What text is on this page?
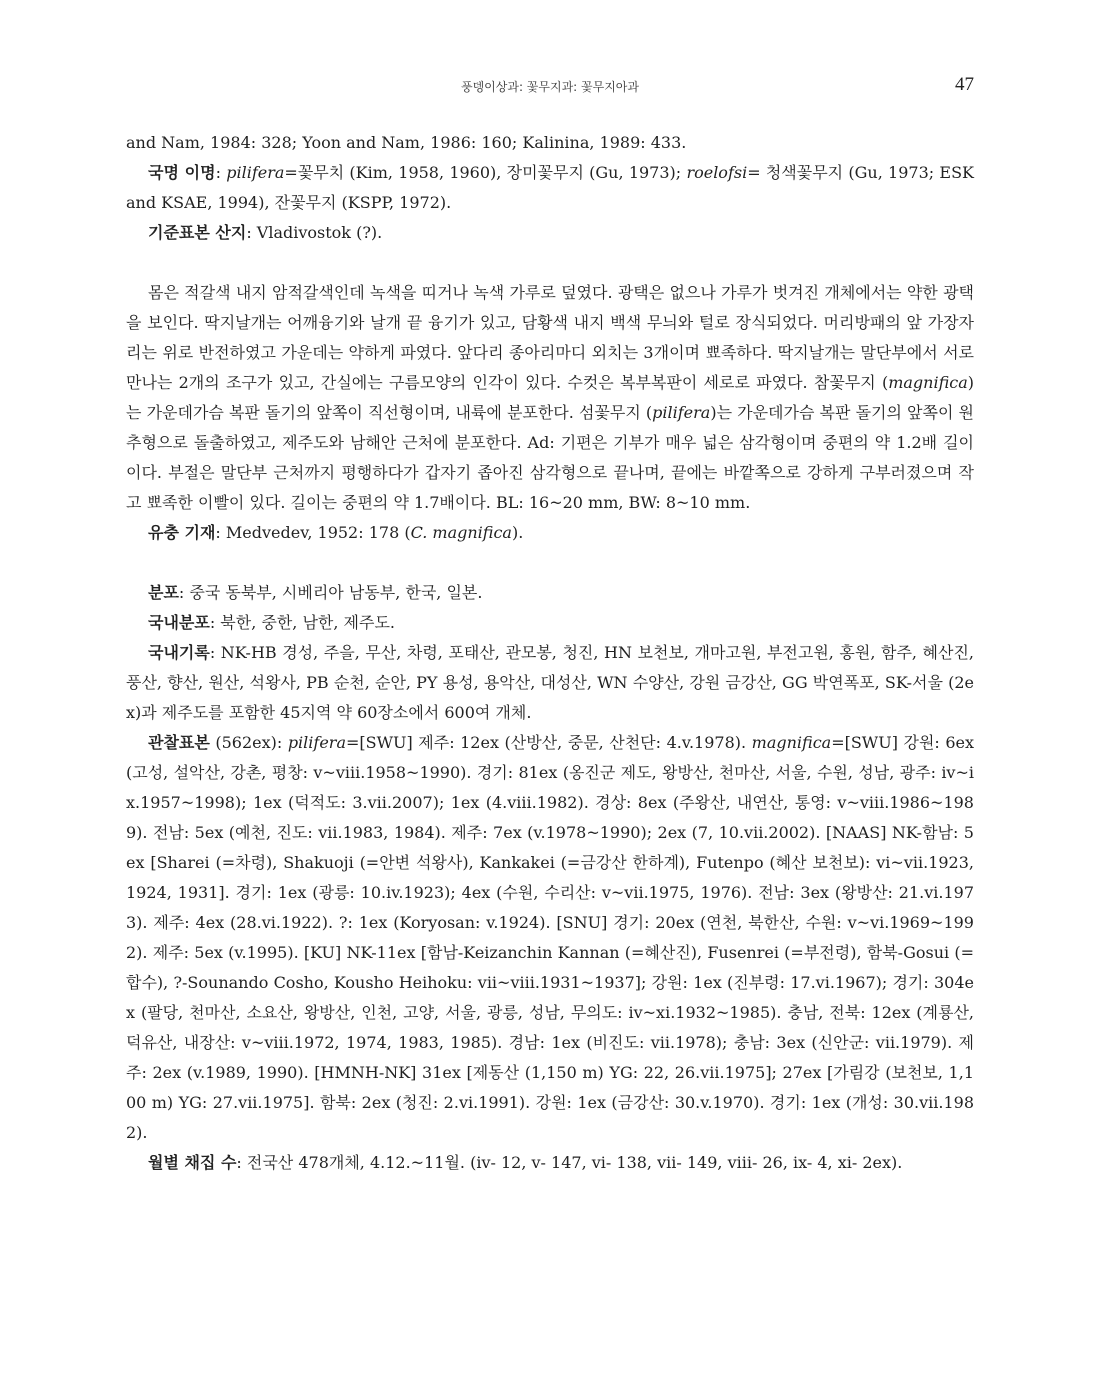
풍뎅이상과: 꽃무지과: 꽃무지아과	47

and Nam, 1984: 328; Yoon and Nam, 1986: 160; Kalinina, 1989: 433.

국명 이명: pilifera=꽃무치 (Kim, 1958, 1960), 장미꽃무지 (Gu, 1973); roelofsi= 청색꽃무지 (Gu, 1973; ESK and KSAE, 1994), 잔꽃무지 (KSPP, 1972).

기준표본 산지: Vladivostok (?).

몸은 적갈색 내지 암적갈색인데 녹색을 띠거나 녹색 가루로 덮였다. 광택은 없으나 가루가 벗겨진 개체에서는 약한 광택을 보인다. 딱지날개는 어깨융기와 날개 끝 융기가 있고, 담황색 내지 백색 무늬와 털로 장식되었다. 머리방패의 앞 가장자리는 위로 반전하였고 가운데는 약하게 파였다. 앞다리 종아리마디 외치는 3개이며 뾰족하다. 딱지날개는 말단부에서 서로 만나는 2개의 조구가 있고, 간실에는 구름모양의 인각이 있다. 수컷은 복부복판이 세로로 파였다. 참꽃무지 (magnifica)는 가운데가슴 복판 돌기의 앞쪽이 직선형이며, 내륙에 분포한다. 섬꽃무지 (pilifera)는 가운데가슴 복판 돌기의 앞쪽이 원추형으로 돌출하였고, 제주도와 남해안 근처에 분포한다. Ad: 기편은 기부가 매우 넓은 삼각형이며 중편의 약 1.2배 길이이다. 부절은 말단부 근처까지 평행하다가 갑자기 좁아진 삼각형으로 끝나며, 끝에는 바깥쪽으로 강하게 구부러졌으며 작고 뾰족한 이빨이 있다. 길이는 중편의 약 1.7배이다. BL: 16~20 mm, BW: 8~10 mm.

유충 기재: Medvedev, 1952: 178 (C. magnifica).

분포: 중국 동북부, 시베리아 남동부, 한국, 일본.

국내분포: 북한, 중한, 남한, 제주도.

국내기록: NK-HB 경성, 주을, 무산, 차령, 포태산, 관모봉, 청진, HN 보천보, 개마고원, 부전고원, 홍원, 함주, 혜산진, 풍산, 향산, 원산, 석왕사, PB 순천, 순안, PY 용성, 용악산, 대성산, WN 수양산, 강원 금강산, GG 박연폭포, SK-서울 (2ex)과 제주도를 포함한 45지역 약 60장소에서 600여 개체.

관찰표본 (562ex): pilifera=[SWU] 제주: 12ex (산방산, 중문, 산천단: 4.v.1978). magnifica=[SWU] 강원: 6ex (고성, 설악산, 강촌, 평창: v~viii.1958~1990). 경기: 81ex (옹진군 제도, 왕방산, 천마산, 서울, 수원, 성남, 광주: iv~ix.1957~1998); 1ex (덕적도: 3.vii.2007); 1ex (4.viii.1982). 경상: 8ex (주왕산, 내연산, 통영: v~viii.1986~1989). 전남: 5ex (예천, 진도: vii.1983, 1984). 제주: 7ex (v.1978~1990); 2ex (7, 10.vii.2002). [NAAS] NK-함남: 5ex [Sharei (=차령), Shakuoji (=안변 석왕사), Kankakei (=금강산 한하계), Futenpo (혜산 보천보): vi~vii.1923, 1924, 1931]. 경기: 1ex (광릉: 10.iv.1923); 4ex (수원, 수리산: v~vii.1975, 1976). 전남: 3ex (왕방산: 21.vi.1973). 제주: 4ex (28.vi.1922). ?: 1ex (Koryosan: v.1924). [SNU] 경기: 20ex (연천, 북한산, 수원: v~vi.1969~1992). 제주: 5ex (v.1995). [KU] NK-11ex [함남-Keizanchin Kannan (=혜산진), Fusenrei (=부전령), 함북-Gosui (=합수), ?-Sounando Cosho, Kousho Heihoku: vii~viii.1931~1937]; 강원: 1ex (진부령: 17.vi.1967); 경기: 304ex (팔당, 천마산, 소요산, 왕방산, 인천, 고양, 서울, 광릉, 성남, 무의도: iv~xi.1932~1985). 충남, 전북: 12ex (계룡산, 덕유산, 내장산: v~viii.1972, 1974, 1983, 1985). 경남: 1ex (비진도: vii.1978); 충남: 3ex (신안군: vii.1979). 제주: 2ex (v.1989, 1990). [HMNH-NK] 31ex [제동산 (1,150 m) YG: 22, 26.vii.1975]; 27ex [가림강 (보천보, 1,100 m) YG: 27.vii.1975]. 함북: 2ex (청진: 2.vi.1991). 강원: 1ex (금강산: 30.v.1970). 경기: 1ex (개성: 30.vii.1982).

월별 채집 수: 전국산 478개체, 4.12.~11월. (iv- 12, v- 147, vi- 138, vii- 149, viii- 26, ix- 4, xi- 2ex).
